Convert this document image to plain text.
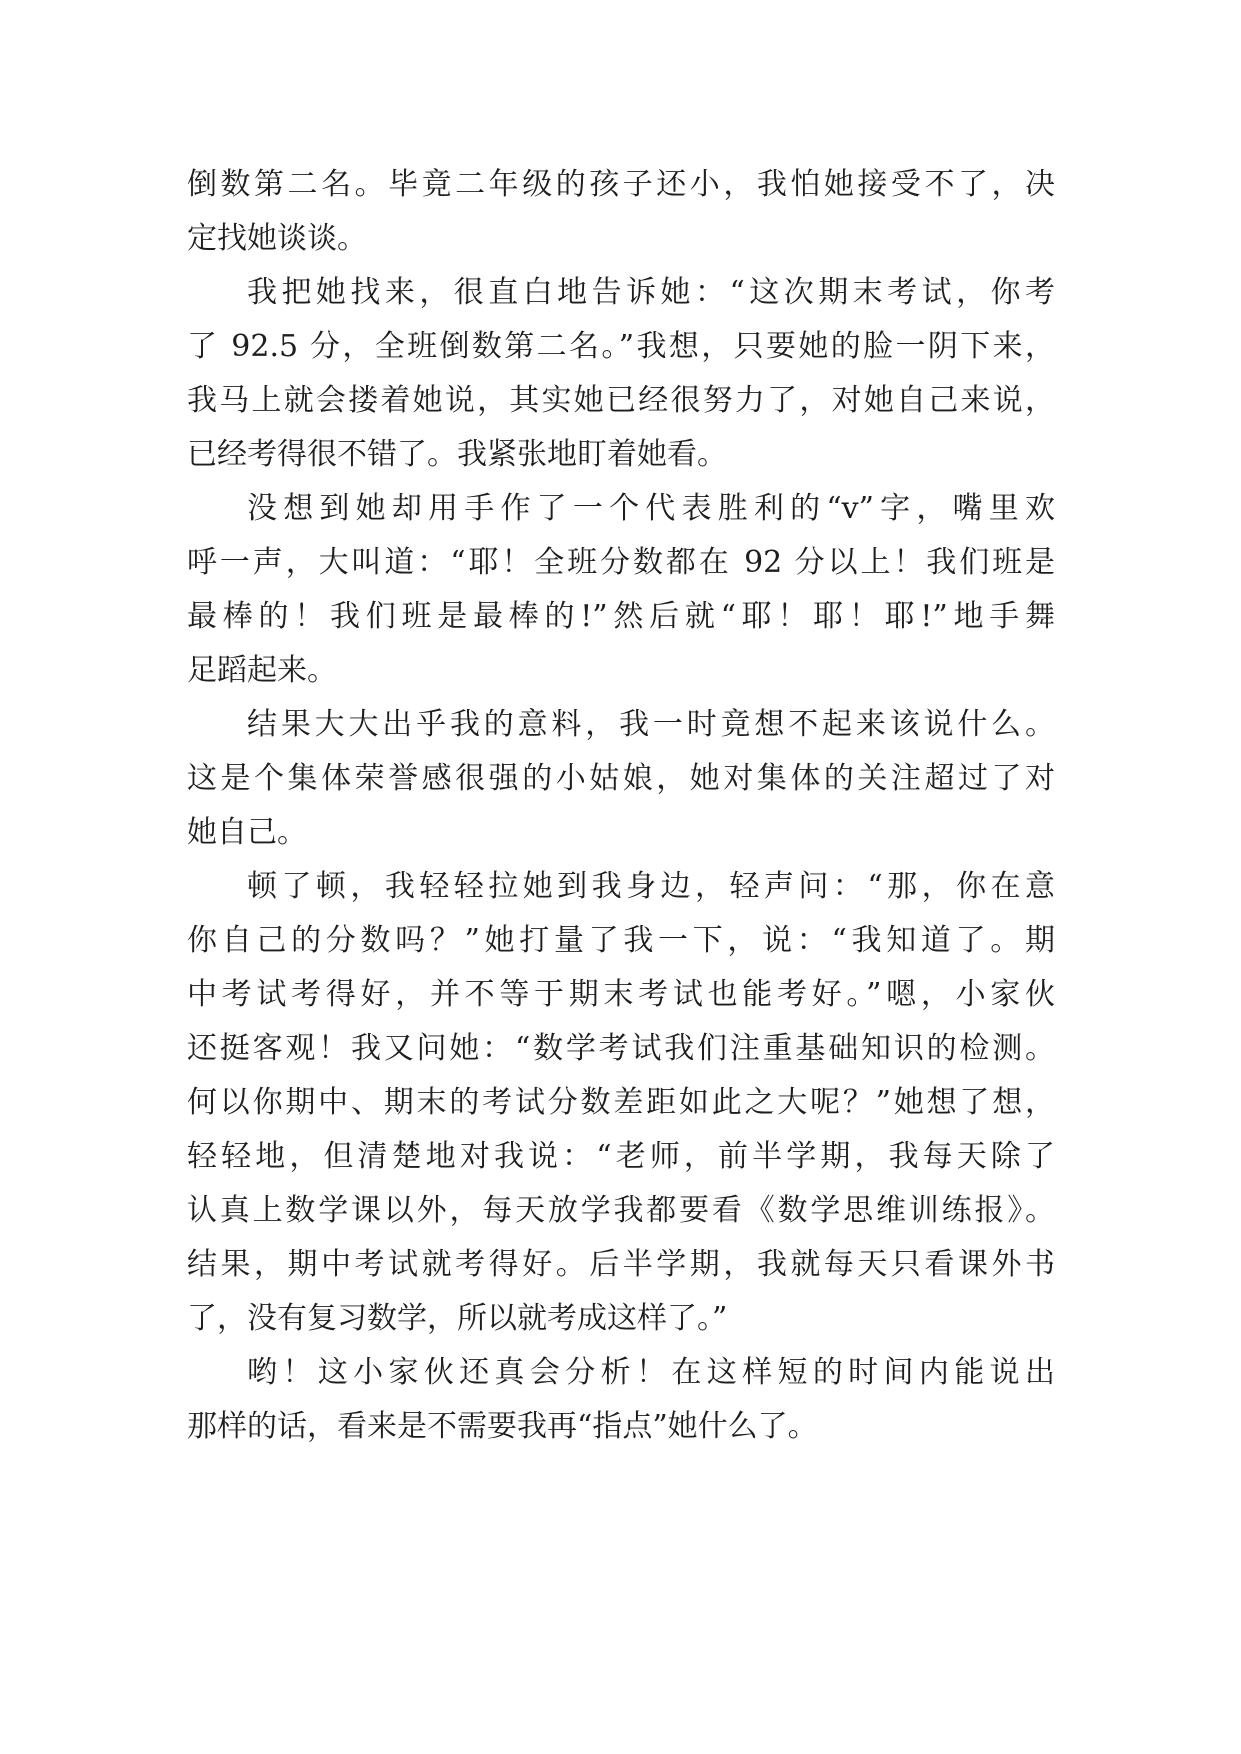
倒数第二名。毕竟二年级的孩子还小，我怕她接受不了，决
定找她谈谈。
我把她找来，很直白地告诉她：“这次期末考试，你考
了 92.5 分，全班倒数第二名。”我想，只要她的脸一阴下来，
我马上就会搂着她说，其实她已经很努力了，对她自己来说，
已经考得很不错了。我紧张地盯着她看。
没想到她却用手作了一个代表胜利的“v”字，嘴里欢
呼一声，大叫道：“耶！全班分数都在 92 分以上！我们班是
最棒的！我们班是最棒的!”然后就“耶！耶！耶!”地手舞
足蹈起来。
结果大大出乎我的意料，我一时竟想不起来该说什么。
这是个集体荣誉感很强的小姑娘，她对集体的关注超过了对
她自己。
顿了顿，我轻轻拉她到我身边，轻声问：“那，你在意
你自己的分数吗？”她打量了我一下，说：“我知道了。期
中考试考得好，并不等于期末考试也能考好。”嗯，小家伙
还挺客观！我又问她：“数学考试我们注重基础知识的检测。
何以你期中、期末的考试分数差距如此之大呢？”她想了想，
轻轻地，但清楚地对我说：“老师，前半学期，我每天除了
认真上数学课以外，每天放学我都要看《数学思维训练报》。
结果，期中考试就考得好。后半学期，我就每天只看课外书
了，没有复习数学，所以就考成这样了。”
哟！这小家伙还真会分析！在这样短的时间内能说出
那样的话，看来是不需要我再“指点”她什么了。
